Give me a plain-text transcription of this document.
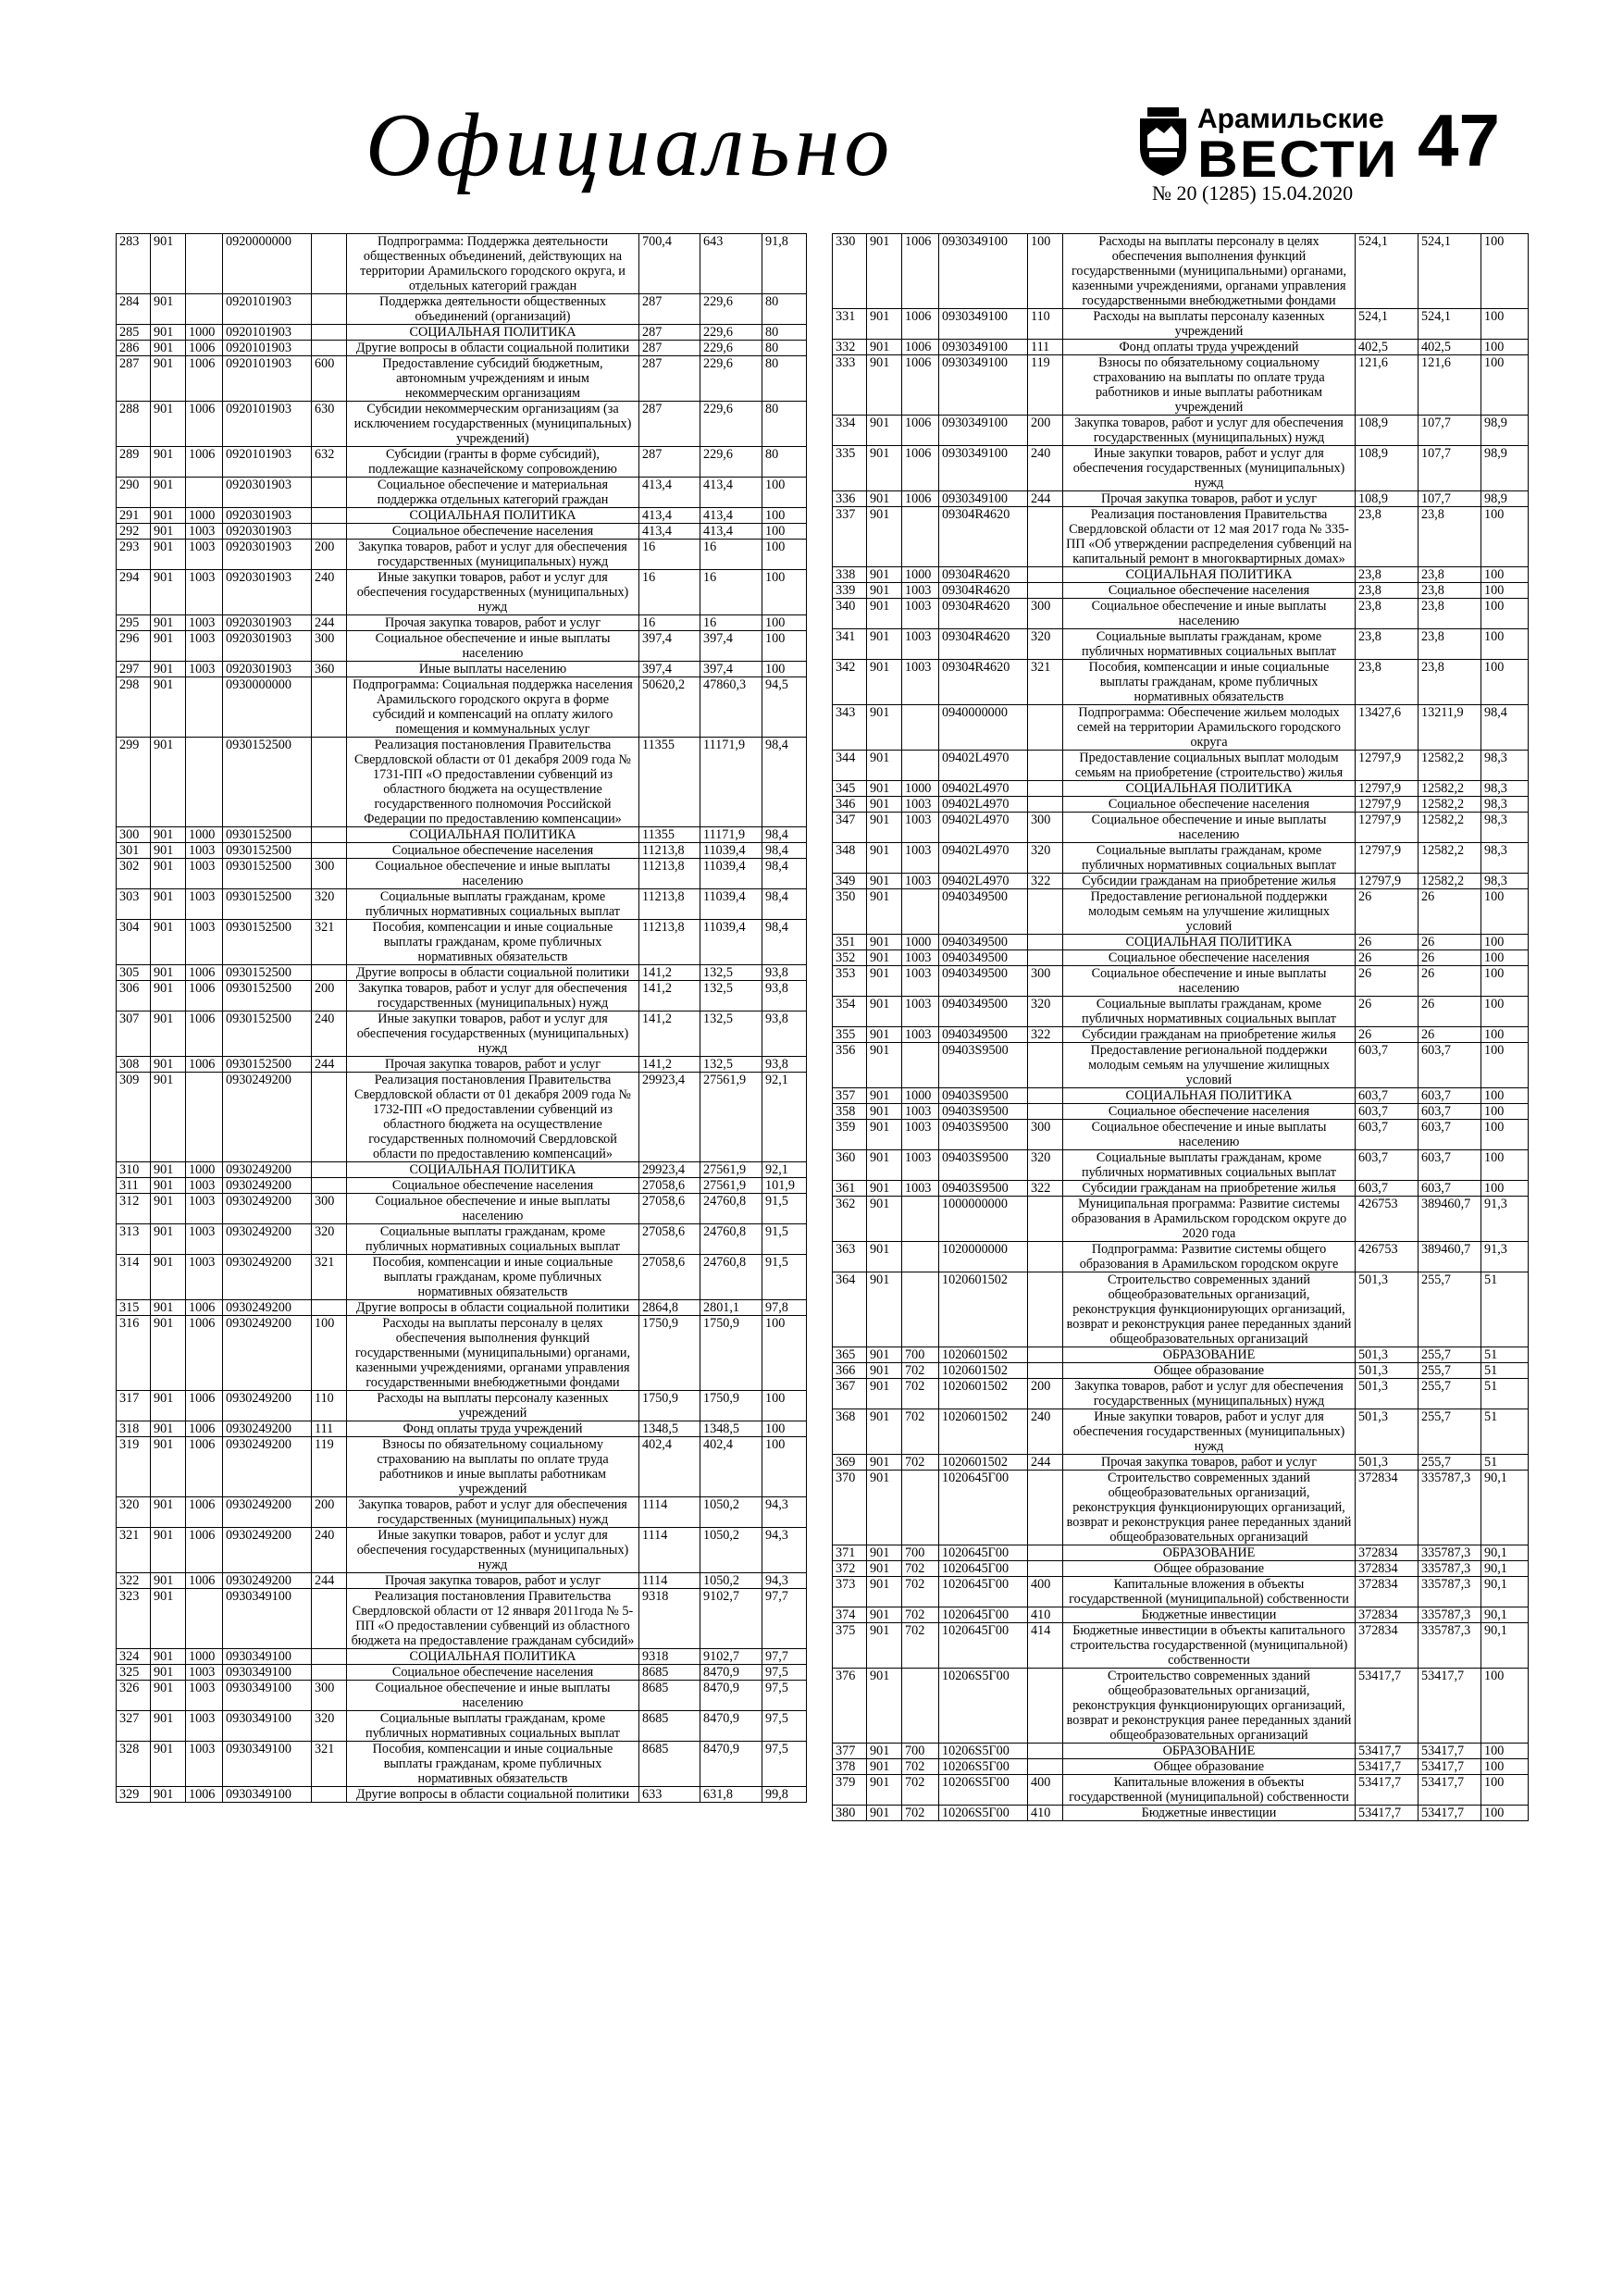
Официально	Арамильские
ВЕСТИ 47
№ 20 (1285) 15.04.2020
283	901		0920000000		Подпрограмма: Поддержка деятельности общественных объединений, действующих на территории Арамильского городского округа, и отдельных категорий граждан	700,4	643	91,8
284	901		0920101903		Поддержка деятельности общественных объединений (организаций)	287	229,6	80
285	901	1000	0920101903		СОЦИАЛЬНАЯ ПОЛИТИКА	287	229,6	80
286	901	1006	0920101903		Другие вопросы в области социальной политики	287	229,6	80
287	901	1006	0920101903	600	Предоставление субсидий бюджетным, автономным учреждениям и иным некоммерческим организациям	287	229,6	80
288	901	1006	0920101903	630	Субсидии некоммерческим организациям (за исключением государственных (муниципальных) учреждений)	287	229,6	80
289	901	1006	0920101903	632	Субсидии (гранты в форме субсидий), подлежащие казначейскому сопровождению	287	229,6	80
290	901		0920301903		Социальное обеспечение и материальная поддержка отдельных категорий граждан	413,4	413,4	100
291	901	1000	0920301903		СОЦИАЛЬНАЯ ПОЛИТИКА	413,4	413,4	100
292	901	1003	0920301903		Социальное обеспечение населения	413,4	413,4	100
293	901	1003	0920301903	200	Закупка товаров, работ и услуг для обеспечения государственных (муниципальных) нужд	16	16	100
294	901	1003	0920301903	240	Иные закупки товаров, работ и услуг для обеспечения государственных (муниципальных) нужд	16	16	100
295	901	1003	0920301903	244	Прочая закупка товаров, работ и услуг	16	16	100
296	901	1003	0920301903	300	Социальное обеспечение и иные выплаты населению	397,4	397,4	100
297	901	1003	0920301903	360	Иные выплаты населению	397,4	397,4	100
298	901		0930000000		Подпрограмма: Социальная поддержка населения Арамильского городского округа в форме субсидий и компенсаций на оплату жилого помещения и коммунальных услуг	50620,2	47860,3	94,5
299	901		0930152500		Реализация постановления Правительства Свердловской области от 01 декабря 2009 года № 1731-ПП «О предоставлении субвенций из областного бюджета на осуществление государственного полномочия Российской Федерации по предоставлению компенсации»	11355	11171,9	98,4
300	901	1000	0930152500		СОЦИАЛЬНАЯ ПОЛИТИКА	11355	11171,9	98,4
301	901	1003	0930152500		Социальное обеспечение населения	11213,8	11039,4	98,4
302	901	1003	0930152500	300	Социальное обеспечение и иные выплаты населению	11213,8	11039,4	98,4
303	901	1003	0930152500	320	Социальные выплаты гражданам, кроме публичных нормативных социальных выплат	11213,8	11039,4	98,4
304	901	1003	0930152500	321	Пособия, компенсации и иные социальные выплаты гражданам, кроме публичных нормативных обязательств	11213,8	11039,4	98,4
305	901	1006	0930152500		Другие вопросы в области социальной политики	141,2	132,5	93,8
306	901	1006	0930152500	200	Закупка товаров, работ и услуг для обеспечения государственных (муниципальных) нужд	141,2	132,5	93,8
307	901	1006	0930152500	240	Иные закупки товаров, работ и услуг для обеспечения государственных (муниципальных) нужд	141,2	132,5	93,8
308	901	1006	0930152500	244	Прочая закупка товаров, работ и услуг	141,2	132,5	93,8
309	901		0930249200		Реализация постановления Правительства Свердловской области от 01 декабря 2009 года № 1732-ПП «О предоставлении субвенций из областного бюджета на осуществление государственных полномочий Свердловской области по предоставлению компенсаций»	29923,4	27561,9	92,1
310	901	1000	0930249200		СОЦИАЛЬНАЯ ПОЛИТИКА	29923,4	27561,9	92,1
311	901	1003	0930249200		Социальное обеспечение населения	27058,6	27561,9	101,9
312	901	1003	0930249200	300	Социальное обеспечение и иные выплаты населению	27058,6	24760,8	91,5
313	901	1003	0930249200	320	Социальные выплаты гражданам, кроме публичных нормативных социальных выплат	27058,6	24760,8	91,5
314	901	1003	0930249200	321	Пособия, компенсации и иные социальные выплаты гражданам, кроме публичных нормативных обязательств	27058,6	24760,8	91,5
315	901	1006	0930249200		Другие вопросы в области социальной политики	2864,8	2801,1	97,8
316	901	1006	0930249200	100	Расходы на выплаты персоналу в целях обеспечения выполнения функций государственными (муниципальными) органами, казенными учреждениями, органами управления государственными внебюджетными фондами	1750,9	1750,9	100
317	901	1006	0930249200	110	Расходы на выплаты персоналу казенных учреждений	1750,9	1750,9	100
318	901	1006	0930249200	111	Фонд оплаты труда учреждений	1348,5	1348,5	100
319	901	1006	0930249200	119	Взносы по обязательному социальному страхованию на выплаты по оплате труда работников и иные выплаты работникам учреждений	402,4	402,4	100
320	901	1006	0930249200	200	Закупка товаров, работ и услуг для обеспечения государственных (муниципальных) нужд	1114	1050,2	94,3
321	901	1006	0930249200	240	Иные закупки товаров, работ и услуг для обеспечения государственных (муниципальных) нужд	1114	1050,2	94,3
322	901	1006	0930249200	244	Прочая закупка товаров, работ и услуг	1114	1050,2	94,3
323	901		0930349100		Реализация постановления Правительства Свердловской области от 12 января 2011года № 5-ПП «О предоставлении субвенций из областного бюджета на предоставление гражданам субсидий»	9318	9102,7	97,7
324	901	1000	0930349100		СОЦИАЛЬНАЯ ПОЛИТИКА	9318	9102,7	97,7
325	901	1003	0930349100		Социальное обеспечение населения	8685	8470,9	97,5
326	901	1003	0930349100	300	Социальное обеспечение и иные выплаты населению	8685	8470,9	97,5
327	901	1003	0930349100	320	Социальные выплаты гражданам, кроме публичных нормативных социальных выплат	8685	8470,9	97,5
328	901	1003	0930349100	321	Пособия, компенсации и иные социальные выплаты гражданам, кроме публичных нормативных обязательств	8685	8470,9	97,5
329	901	1006	0930349100		Другие вопросы в области социальной политики	633	631,8	99,8
330	901	1006	0930349100	100	Расходы на выплаты персоналу в целях обеспечения выполнения функций государственными (муниципальными) органами, казенными учреждениями, органами управления государственными внебюджетными фондами	524,1	524,1	100
331	901	1006	0930349100	110	Расходы на выплаты персоналу казенных учреждений	524,1	524,1	100
332	901	1006	0930349100	111	Фонд оплаты труда учреждений	402,5	402,5	100
333	901	1006	0930349100	119	Взносы по обязательному социальному страхованию на выплаты по оплате труда работников и иные выплаты работникам учреждений	121,6	121,6	100
334	901	1006	0930349100	200	Закупка товаров, работ и услуг для обеспечения государственных (муниципальных) нужд	108,9	107,7	98,9
335	901	1006	0930349100	240	Иные закупки товаров, работ и услуг для обеспечения государственных (муниципальных) нужд	108,9	107,7	98,9
336	901	1006	0930349100	244	Прочая закупка товаров, работ и услуг	108,9	107,7	98,9
337	901		09304R4620		Реализация постановления Правительства Свердловской области от 12 мая 2017 года № 335-ПП «Об утверждении распределения субвенций на капитальный ремонт в многоквартирных домах»	23,8	23,8	100
338	901	1000	09304R4620		СОЦИАЛЬНАЯ ПОЛИТИКА	23,8	23,8	100
339	901	1003	09304R4620		Социальное обеспечение населения	23,8	23,8	100
340	901	1003	09304R4620	300	Социальное обеспечение и иные выплаты населению	23,8	23,8	100
341	901	1003	09304R4620	320	Социальные выплаты гражданам, кроме публичных нормативных социальных выплат	23,8	23,8	100
342	901	1003	09304R4620	321	Пособия, компенсации и иные социальные выплаты гражданам, кроме публичных нормативных обязательств	23,8	23,8	100
343	901		0940000000		Подпрограмма: Обеспечение жильем молодых семей на территории Арамильского городского округа	13427,6	13211,9	98,4
344	901		09402L4970		Предоставление социальных выплат молодым семьям на приобретение (строительство) жилья	12797,9	12582,2	98,3
345	901	1000	09402L4970		СОЦИАЛЬНАЯ ПОЛИТИКА	12797,9	12582,2	98,3
346	901	1003	09402L4970		Социальное обеспечение населения	12797,9	12582,2	98,3
347	901	1003	09402L4970	300	Социальное обеспечение и иные выплаты населению	12797,9	12582,2	98,3
348	901	1003	09402L4970	320	Социальные выплаты гражданам, кроме публичных нормативных социальных выплат	12797,9	12582,2	98,3
349	901	1003	09402L4970	322	Субсидии гражданам на приобретение жилья	12797,9	12582,2	98,3
350	901		0940349500		Предоставление региональной поддержки молодым семьям на улучшение жилищных условий	26	26	100
351	901	1000	0940349500		СОЦИАЛЬНАЯ ПОЛИТИКА	26	26	100
352	901	1003	0940349500		Социальное обеспечение населения	26	26	100
353	901	1003	0940349500	300	Социальное обеспечение и иные выплаты населению	26	26	100
354	901	1003	0940349500	320	Социальные выплаты гражданам, кроме публичных нормативных социальных выплат	26	26	100
355	901	1003	0940349500	322	Субсидии гражданам на приобретение жилья	26	26	100
356	901		09403S9500		Предоставление региональной поддержки молодым семьям на улучшение жилищных условий	603,7	603,7	100
357	901	1000	09403S9500		СОЦИАЛЬНАЯ ПОЛИТИКА	603,7	603,7	100
358	901	1003	09403S9500		Социальное обеспечение населения	603,7	603,7	100
359	901	1003	09403S9500	300	Социальное обеспечение и иные выплаты населению	603,7	603,7	100
360	901	1003	09403S9500	320	Социальные выплаты гражданам, кроме публичных нормативных социальных выплат	603,7	603,7	100
361	901	1003	09403S9500	322	Субсидии гражданам на приобретение жилья	603,7	603,7	100
362	901		1000000000		Муниципальная программа: Развитие системы образования в Арамильском городском округе до 2020 года	426753	389460,7	91,3
363	901		1020000000		Подпрограмма: Развитие системы общего образования в Арамильском городском округе	426753	389460,7	91,3
364	901		1020601502		Строительство современных зданий общеобразовательных организаций, реконструкция функционирующих организаций, возврат и реконструкция ранее переданных зданий общеобразовательных организаций	501,3	255,7	51
365	901	700	1020601502		ОБРАЗОВАНИЕ	501,3	255,7	51
366	901	702	1020601502		Общее образование	501,3	255,7	51
367	901	702	1020601502	200	Закупка товаров, работ и услуг для обеспечения государственных (муниципальных) нужд	501,3	255,7	51
368	901	702	1020601502	240	Иные закупки товаров, работ и услуг для обеспечения государственных (муниципальных) нужд	501,3	255,7	51
369	901	702	1020601502	244	Прочая закупка товаров, работ и услуг	501,3	255,7	51
370	901		1020645Г00		Строительство современных зданий общеобразовательных организаций, реконструкция функционирующих организаций, возврат и реконструкция ранее переданных зданий общеобразовательных организаций	372834	335787,3	90,1
371	901	700	1020645Г00		ОБРАЗОВАНИЕ	372834	335787,3	90,1
372	901	702	1020645Г00		Общее образование	372834	335787,3	90,1
373	901	702	1020645Г00	400	Капитальные вложения в объекты государственной (муниципальной) собственности	372834	335787,3	90,1
374	901	702	1020645Г00	410	Бюджетные инвестиции	372834	335787,3	90,1
375	901	702	1020645Г00	414	Бюджетные инвестиции в объекты капитального строительства государственной (муниципальной) собственности	372834	335787,3	90,1
376	901		10206S5Г00		Строительство современных зданий общеобразовательных организаций, реконструкция функционирующих организаций, возврат и реконструкция ранее переданных зданий общеобразовательных организаций	53417,7	53417,7	100
377	901	700	10206S5Г00		ОБРАЗОВАНИЕ	53417,7	53417,7	100
378	901	702	10206S5Г00		Общее образование	53417,7	53417,7	100
379	901	702	10206S5Г00	400	Капитальные вложения в объекты государственной (муниципальной) собственности	53417,7	53417,7	100
380	901	702	10206S5Г00	410	Бюджетные инвестиции	53417,7	53417,7	100
